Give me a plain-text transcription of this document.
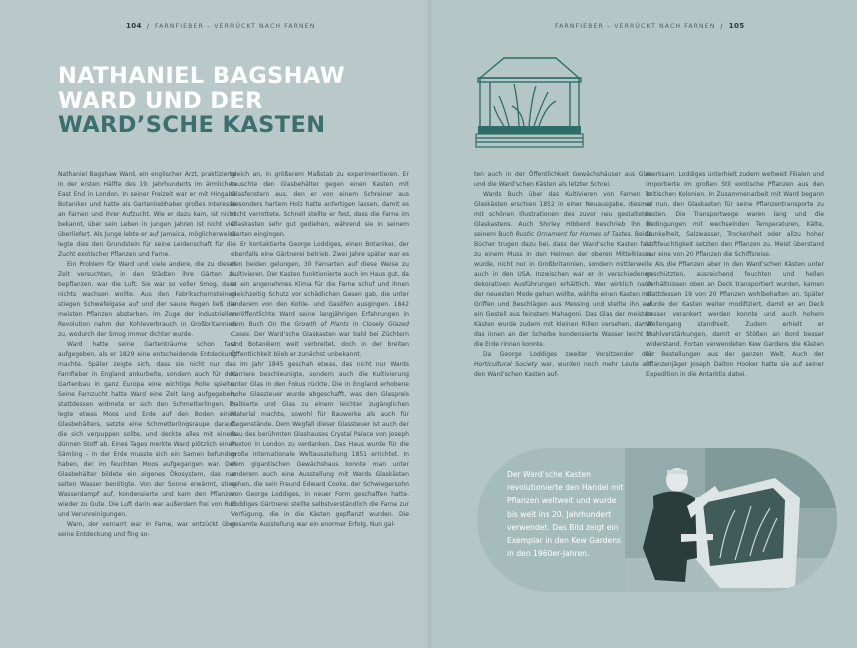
104 / FARNFIEBER – VERRÜCKT NACH FARNEN
NATHANIEL BAGSHAW
WARD UND DER
WARD’SCHE KASTEN

Nathaniel Bagshaw Ward, ein englischer Arzt, praktizierte in der ersten Hälfte des 19. Jahrhunderts im ärmlichen East End in London. In seiner Freizeit war er mit Hingabe Botaniker und hatte als Gartenliebhaber großes Interesse an Farnen und ihrer Aufzucht. Wie er dazu kam, ist nicht bekannt, über sein Leben in jungen Jahren ist nicht viel überliefert. Als Junge lebte er auf Jamaica, möglicherweise legte dies den Grundstein für seine Leidenschaft für die Zucht exotischer Pflanzen und Farne.

Ein Problem für Ward und viele andere, die zu dieser Zeit versuchten, in den Städten ihre Gärten zu bepflanzen, war die Luft: Sie war so voller Smog, dass nichts wachsen wollte. Aus den Fabrikschornsteinen stiegen Schwefelgase auf und der saure Regen ließ die meisten Pflanzen absterben. Im Zuge der industriellen Revolution nahm der Kohleverbrauch in Großbritannien zu, wodurch der Smog immer dichter wurde.

Ward hatte seine Gartenträume schon fast aufgegeben, als er 1829 eine entscheidende Entdeckung machte. Später zeigte sich, dass sie nicht nur das Farnfieber in England ankurbelte, sondern auch für den Gartenbau in ganz Europa eine wichtige Rolle spielte. Seine Farnzucht hatte Ward eine Zeit lang aufgegeben, stattdessen widmete er sich den Schmetterlingen. Er legte etwas Moos und Erde auf den Boden eines Glasbehälters, setzte eine Schmetterlingsraupe darauf, die sich verpuppen sollte, und deckte alles mit einem dünnen Stoff ab. Eines Tages merkte Ward plötzlich einen Sämling – in der Erde musste sich ein Samen befunden haben, der im feuchten Moos aufgegangen war. Der Glasbehälter bildete ein eigenes Ökosystem, das nur selten Wasser benötigte. Von der Sonne erwärmt, stieg Wasserdampf auf, kondensierte und kam den Pflanzen wieder zu Gute. Die Luft darin war außerdem frei von Ruß und Verunreinigungen.

Warn, der vernarrt war in Farne, war entzückt über seine Entdeckung und fing so-

gleich an, in größerem Maßstab zu experimentieren. Er tauschte den Glasbehälter gegen einen Kasten mit Glasfenstern aus, den er von einem Schreiner aus besonders hartem Holz hatte anfertigen lassen, damit es nicht verrottete. Schnell stellte er fest, dass die Farne im Glaskasten sehr gut gediehen, während sie in seinem Garten eingingen.

Er kontaktierte George Loddiges, einen Botaniker, der ebenfalls eine Gärtnerei betrieb. Zwei Jahre später war es den beiden gelungen, 30 Farnarten auf diese Weise zu kultivieren. Der Kasten funktionierte auch im Haus gut, da er ein angenehmes Klima für die Farne schuf und ihnen gleichzeitig Schutz vor schädlichen Gasen gab, die unter anderem von den Kohle- und Gasöfen ausgingen. 1842 veröffentlichte Ward seine langjährigen Erfahrungen in dem Buch On the Growth of Plants in Closely Glazed Cases. Der Ward’sche Glaskasten war bald bei Züchtern und Botanikern weit verbreitet, doch in der breiten Öffentlichkeit blieb er zunächst unbekannt.

Im Jahr 1845 geschah etwas, das nicht nur Wards Karriere beschleunigte, sondern auch die Kultivierung unter Glas in den Fokus rückte. Die in England erhobene hohe Glassteuer wurde abgeschafft, was den Glaspreis halbierte und Glas zu einem leichter zugänglichen Material machte, sowohl für Bauwerke als auch für Gegenstände. Dem Wegfall dieser Glassteuer ist auch der Bau des berühmten Glashauses Crystal Palace von Joseph Paxton in London zu verdanken. Das Haus wurde für die große internationale Weltausstellung 1851 errichtet. In dem gigantischen Gewächshaus konnte man unter anderem auch eine Ausstellung mit Wards Glaskästen sehen, die sein Freund Edward Cooke, der Schwiegersohn von George Loddiges, in neuer Form geschaffen hatte. Loddiges Gärtnerei stellte selbstverständlich die Farne zur Verfügung, die in die Kästen gepflanzt wurden. Die gesamte Ausstellung war ein enormer Erfolg. Nun gal-

FARNFIEBER – VERRÜCKT NACH FARNEN / 105

ten auch in der Öffentlichkeit Gewächshäuser aus Glas und die Ward’schen Kästen als letzter Schrei.

Wards Buch über das Kultivieren von Farnen in Glaskästen erschien 1852 in einer Neuausgabe, diesmal mit schönen Illustrationen des zuvor neu gestalteten Glaskastens. Auch Shirley Hibberd beschrieb ihn in seinem Buch Rustic Ornament for Homes of Tastes. Beide Bücher trugen dazu bei, dass der Ward’sche Kasten fast zu einem Muss in den Heimen der oberen Mittelklasse wurde, nicht nur in Großbritannien, sondern mittlerweile auch in den USA. Inzwischen war er in verschiedenen dekorativen Ausführungen erhältlich. Wer wirklich nach der neuesten Mode gehen wollte, wählte einen Kasten mit Griffen und Beschlägen aus Messing und stellte ihn auf ein Gestell aus feinstem Mahagoni. Das Glas der meisten Kästen wurde zudem mit kleinen Rillen versehen, damit das innen an der Scheibe kondensierte Wasser leicht in die Erde rinnen konnte.

Da George Loddiges zweiter Vorsitzender der Horticultural Society war, wurden noch mehr Leute auf den Ward’schen Kasten auf-

merksam. Loddiges unterhielt zudem weltweit Filialen und importierte im großen Stil exotische Pflanzen aus den britischen Kolonien. In Zusammenarbeit mit Ward begann er nun, den Glaskasten für seine Pflanzentransporte zu testen. Die Transportwege waren lang und die Bedingungen mit wechselnden Temperaturen, Kälte, Dunkelheit, Salzwasser, Trockenheit oder allzu hoher Luftfeuchtigkeit setzten den Pflanzen zu. Meist überstand nur eine von 20 Pflanzen die Schiffsreise.

Als die Pflanzen aber in den Ward’schen Kästen unter geschützten, ausreichend feuchten und hellen Verhältnissen oben an Deck transportiert wurden, kamen stattdessen 19 von 20 Pflanzen wohlbehalten an. Später wurde der Kasten weiter modifiziert, damit er an Deck besser verankert werden konnte und auch hohem Wellengang standhielt. Zudem erhielt er Stahlverstärkungen, damit er Stößen an Bord besser widerstand. Fortan verwendeten Kew Gardens die Kästen für Bestellungen aus der ganzen Welt. Auch der Pflanzenjäger Joseph Dalton Hooker hatte sie auf seiner Expedition in die Antarktis dabei.

Der Ward’sche Kasten revolutionierte den Handel mit Pflanzen weltweit und wurde bis weit ins 20. Jahrhundert verwendet. Das Bild zeigt ein Exemplar in den Kew Gardens in den 1960er-Jahren.
